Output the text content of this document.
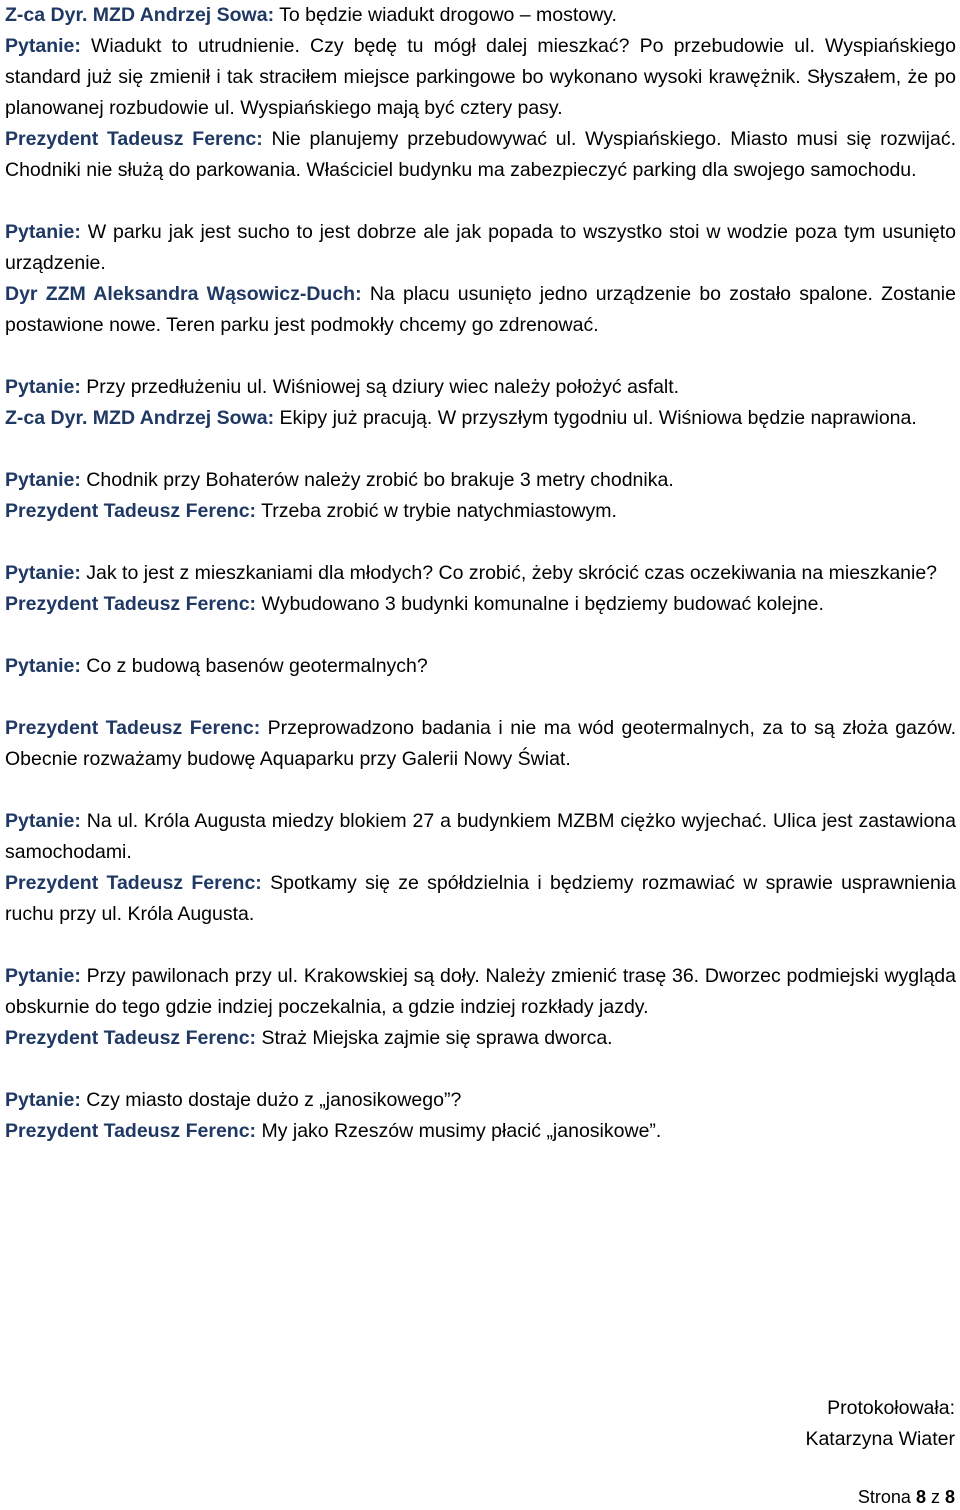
Z-ca Dyr. MZD Andrzej Sowa: To będzie wiadukt drogowo – mostowy.

Pytanie: Wiadukt to utrudnienie. Czy będę tu mógł dalej mieszkać? Po przebudowie ul. Wyspiańskiego standard już się zmienił i tak straciłem miejsce parkingowe bo wykonano wysoki krawężnik. Słyszałem, że po planowanej rozbudowie ul. Wyspiańskiego mają być cztery pasy.

Prezydent Tadeusz Ferenc: Nie planujemy przebudowywać ul. Wyspiańskiego. Miasto musi się rozwijać. Chodniki nie służą do parkowania. Właściciel budynku ma zabezpieczyć parking dla swojego samochodu.

Pytanie: W parku jak jest sucho to jest dobrze ale jak popada to wszystko stoi w wodzie poza tym usunięto urządzenie.

Dyr ZZM Aleksandra Wąsowicz-Duch: Na placu usunięto jedno urządzenie bo zostało spalone. Zostanie postawione nowe. Teren parku jest podmokły chcemy go zdrenować.

Pytanie: Przy przedłużeniu ul. Wiśniowej są dziury wiec należy położyć asfalt.

Z-ca Dyr. MZD Andrzej Sowa: Ekipy już pracują. W przyszłym tygodniu ul. Wiśniowa będzie naprawiona.

Pytanie: Chodnik przy Bohaterów należy zrobić bo brakuje 3 metry chodnika.

Prezydent Tadeusz Ferenc: Trzeba zrobić w trybie natychmiastowym.

Pytanie: Jak to jest z mieszkaniami dla młodych? Co zrobić, żeby skrócić czas oczekiwania na mieszkanie?

Prezydent Tadeusz Ferenc: Wybudowano 3 budynki komunalne i będziemy budować kolejne.

Pytanie: Co z budową basenów geotermalnych?

Prezydent Tadeusz Ferenc: Przeprowadzono badania i nie ma wód geotermalnych, za to są złoża gazów. Obecnie rozważamy budowę Aquaparku przy Galerii Nowy Świat.

Pytanie: Na ul. Króla Augusta miedzy blokiem 27 a budynkiem MZBM ciężko wyjechać. Ulica jest zastawiona samochodami.

Prezydent Tadeusz Ferenc: Spotkamy się ze spółdzielnia i będziemy rozmawiać w sprawie usprawnienia ruchu przy ul. Króla Augusta.

Pytanie: Przy pawilonach przy ul. Krakowskiej są doły. Należy zmienić trasę 36. Dworzec podmiejski wygląda obskurnie do tego gdzie indziej poczekalnia, a gdzie indziej rozkłady jazdy.

Prezydent Tadeusz Ferenc: Straż Miejska zajmie się sprawa dworca.

Pytanie: Czy miasto dostaje dużo z „janosikowego”?

Prezydent Tadeusz Ferenc: My jako Rzeszów musimy płacić „janosikowe”.

Protokołowała:
Katarzyna Wiater
Strona 8 z 8
